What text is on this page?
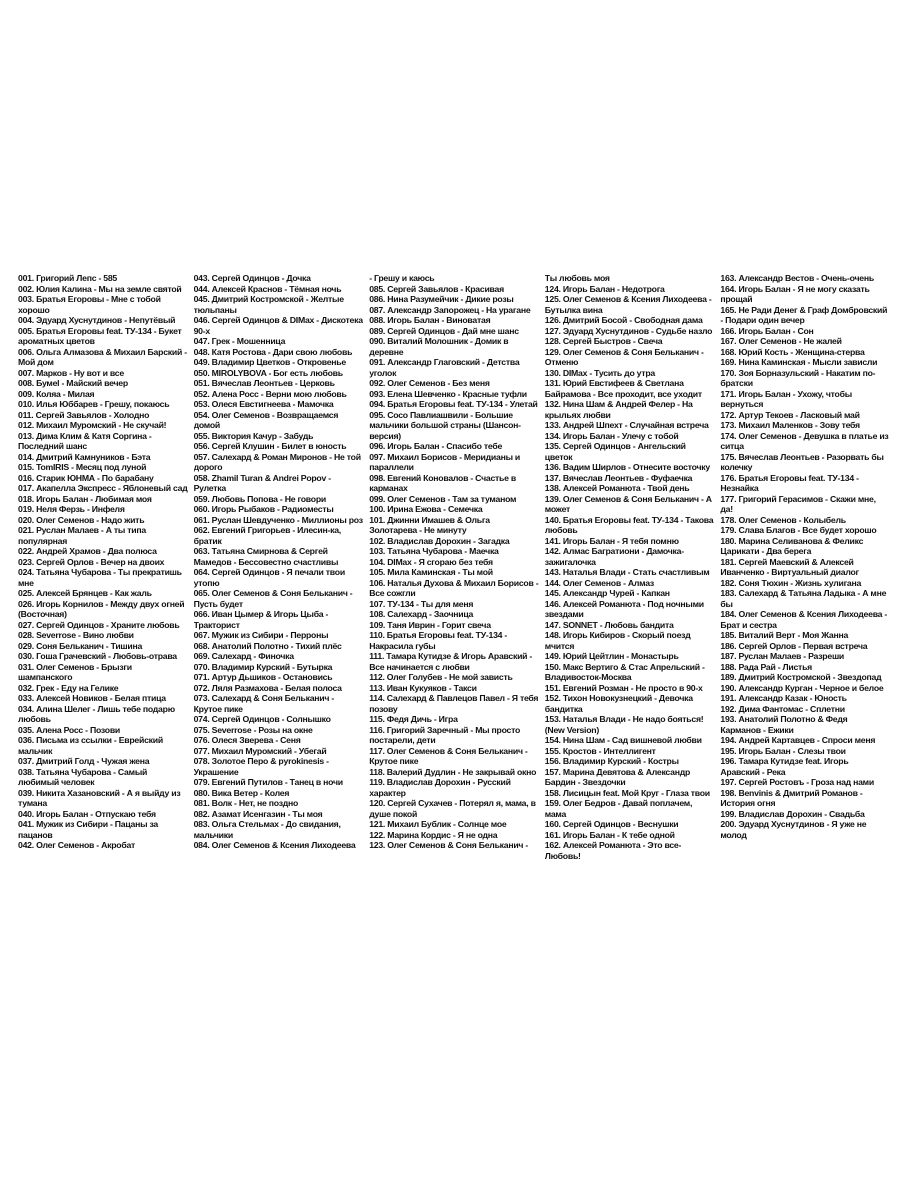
001. Григорий Лепс - 585

002. Юлия Калина - Мы на земле святой

003. Братья Егоровы - Мне с тобой хорошо

004. Эдуард Хуснутдинов - Непутёвый

005. Братья Егоровы feat. ТУ-134 - Букет ароматных цветов

006. Ольга Алмазова & Михаил Барский - Мой дом

007. Марков - Ну вот и все

008. Бумеl - Майский вечер

009. Коляа - Милая

010. Илья Юббарев - Грешу, покаюсь

011. Сергей Завьялов - Холодно

012. Михаил Муромский - Не скучай!

013. Дима Клим & Катя Соргина - Последний шанс

014. Дмитрий Камнуников - Бэта

015. TomIRIS - Месяц под луной

016. Старик ЮНМА - По барабану

017. Акапелла Экспресс - Яблоневый сад

018. Игорь Балан - Любимая моя

019. Неля Ферзь - Инфеля

020. Олег Семенов - Надо жить

021. Руслан Малаев - А ты типа популярная

022. Андрей Храмов - Два полюса

023. Сергей Орлов - Вечер на двоих

024. Татьяна Чубарова - Ты прекратишь мне

025. Алексей Брянцев - Как жаль

026. Игорь Корнилов - Между двух огней (Восточная)

027. Сергей Одинцов - Храните любовь

028. Severrose - Вино любви

029. Соня Бельканич - Тишина

030. Гоша Грачевский - Любовь-отрава

031. Олег Семенов - Брызги шампанского

032. Грек - Еду на Гелике

033. Алексей Новиков - Белая птица

034. Алина Шелег - Лишь тебе подарю любовь

035. Алена Росс - Позови

036. Письма из ссылки - Еврейский мальчик

037. Дмитрий Голд - Чужая жена

038. Татьяна Чубарова - Самый любимый человек

039. Никита Хазановский - А я выйду из тумана

040. Игорь Балан - Отпускаю тебя

041. Мужик из Сибири - Пацаны за пацанов

042. Олег Семенов - Акробат

043. Сергей Одинцов - Дочка

044. Алексей Краснов - Тёмная ночь

045. Дмитрий Костромской - Желтые тюльпаны

046. Сергей Одинцов & DIMax - Дискотека 90-х

047. Грек - Мошенница

048. Катя Ростова - Дари свою любовь

049. Владимир Цветков - Откровенье

050. MIROLYBOVA - Бог есть любовь

051. Вячеслав Леонтьев - Церковь

052. Алена Росс - Верни мою любовь

053. Олеся Евстигнеева - Мамочка

054. Олег Семенов - Возвращаемся домой

055. Виктория Качур - Забудь

056. Сергей Клушин - Билет в юность

057. Салехард & Роман Миронов - Не той дорого

058. Zhamil Turan & Andrei Popov - Рулетка

059. Любовь Попова - Не говори

060. Игорь Рыбаков - Радиоместы

061. Руслан Шевдученко - Миллионы роз

062. Евгений Григорьев - Илесин-ка, братик

063. Татьяна Смирнова & Сергей Мамедов - Бессовестно счастливы

064. Сергей Одинцов - Я печали твои утопю

065. Олег Семенов & Соня Бельканич - Пусть будет

066. Иван Цымер & Игорь Цыба - Тракторист

067. Мужик из Сибири - Перроны

068. Анатолий Полотно - Тихий плёс

069. Салехард - Финочка

070. Владимир Курский - Бутырка

071. Артур Дьшиков - Остановись

072. Ляля Размахова - Белая полоса

073. Салехард & Соня Бельканич - Крутое пике

074. Сергей Одинцов - Солнышко

075. Severrose - Розы на окне

076. Олеся Зверева - Сеня

077. Михаил Муромский - Убегай

078. Золотое Перо & pyrokinesis - Украшение

079. Евгений Путилов - Танец в ночи

080. Вика Ветер - Колея

081. Волк - Нет, не поздно

082. Азамат Исенгазин - Ты моя

083. Ольга Стельмах - До свидания, мальчики

084. Олег Семенов & Ксения Лиходеева

- Грешу и каюсь

085. Сергей Завьялов - Красивая

086. Нина Разумейчик - Дикие розы

087. Александр Запорожец - На урагане

088. Игорь Балан - Виноватая

089. Сергей Одинцов - Дай мне шанс

090. Виталий Молошник - Домик в деревне

091. Александр Глаговский - Детства уголок

092. Олег Семенов - Без меня

093. Елена Шевченко - Красные туфли

094. Братья Егоровы feat. ТУ-134 - Улетай

095. Сосо Павлиашвили - Большие мальчики большой страны (Шансон-версия)

096. Игорь Балан - Спасибо тебе

097. Михаил Борисов - Меридианы и параллели

098. Евгений Коновалов - Счастье в карманах

099. Олег Семенов - Там за туманом

100. Ирина Ежова - Семечка

101. Джинни Имашев & Ольга Золотарева - Не минуту

102. Владислав Дорохин - Загадка

103. Татьяна Чубарова - Маечка

104. DIMax - Я сгораю без тебя

105. Мила Каминская - Ты мой

106. Наталья Духова & Михаил Борисов - Все сожгли

107. ТУ-134 - Ты для меня

108. Салехард - Заочница

109. Таня Иврин - Горит свеча

110. Братья Егоровы feat. ТУ-134 - Накрасила губы

111. Тамара Кутидзе & Игорь Аравский - Все начинается с любви

112. Олег Голубев - Не мой зависть

113. Иван Кукуяков - Такси

114. Салехард & Павлецов Павел - Я тебя позову

115. Федя Дичь - Игра

116. Григорий Заречный - Мы просто постарели, дети

117. Олег Семенов & Соня Бельканич - Крутое пике

118. Валерий Дудлин - Не закрывай окно

119. Владислав Дорохин - Русский характер

120. Сергей Сухачев - Потерял я, мама, в душе покой

121. Михаил Бублик - Солнце мое

122. Марина Кордис - Я не одна

123. Олег Семенов & Соня Бельканич -

Ты любовь моя

124. Игорь Балан - Недотрога

125. Олег Семенов & Ксения Лиходеева - Бутылка вина

126. Дмитрий Босой - Свободная дама

127. Эдуард Хуснутдинов - Судьбе назло

128. Сергей Быстров - Свеча

129. Олег Семенов & Соня Бельканич - Отменю

130. DIMax - Тусить до утра

131. Юрий Евстифеев & Светлана Байрамова - Все проходит, все уходит

132. Нина Шам & Андрей Фелер - На крыльях любви

133. Андрей Шпехт - Случайная встреча

134. Игорь Балан - Улечу с тобой

135. Сергей Одинцов - Ангельский цветок

136. Вадим Ширлов - Отнесите восточку

137. Вячеслав Леонтьев - Фуфаечка

138. Алексей Романюта - Твой день

139. Олег Семенов & Соня Бельканич - А может

140. Братья Егоровы feat. ТУ-134 - Такова любовь

141. Игорь Балан - Я тебя помню

142. Алмас Багратиони - Дамочка-зажигалочка

143. Наталья Влади - Стать счастливым

144. Олег Семенов - Алмаз

145. Александр Чурей - Капкан

146. Алексей Романюта - Под ночными звездами

147. SONNET - Любовь бандита

148. Игорь Кибиров - Скорый поезд мчится

149. Юрий Цейтлин - Монастырь

150. Макс Вертиго & Стас Апрельский - Владивосток-Москва

151. Евгений Розман - Не просто в 90-х

152. Тихон Новокузнецкий - Девочка бандитка

153. Наталья Влади - Не надо бояться! (New Version)

154. Нина Шам - Сад вишневой любви

155. Кростов - Интеллигент

156. Владимир Курский - Костры

157. Марина Девятова & Александр Бардин - Звездочки

158. Лисицын feat. Мой Круг - Глаза твои

159. Олег Бедров - Давай поплачем, мама

160. Сергей Одинцов - Веснушки

161. Игорь Балан - К тебе одной

162. Алексей Романюта - Это все-Любовь!

163. Александр Вестов - Очень-очень

164. Игорь Балан - Я не могу сказать прощай

165. Не Ради Денег & Граф Домбровский - Подари один вечер

166. Игорь Балан - Сон

167. Олег Семенов - Не жалей

168. Юрий Кость - Женщина-стерва

169. Нина Каминская - Мысли зависли

170. Зоя Борназульский - Накатим по-братски

171. Игорь Балан - Ухожу, чтобы вернуться

172. Артур Текоев - Ласковый май

173. Михаил Маленков - Зову тебя

174. Олег Семенов - Девушка в платье из ситца

175. Вячеслав Леонтьев - Разорвать бы колечку

176. Братья Егоровы feat. ТУ-134 - Незнайка

177. Григорий Герасимов - Скажи мне, да!

178. Олег Семенов - Колыбель

179. Слава Благов - Все будет хорошо

180. Марина Селиванова & Феликс Царикати - Два берега

181. Сергей Маевский & Алексей Иванченко - Виртуальный диалог

182. Соня Тюхин - Жизнь хулигана

183. Салехард & Татьяна Ладыка - А мне бы

184. Олег Семенов & Ксения Лиходеева - Брат и сестра

185. Виталий Верт - Моя Жанна

186. Сергей Орлов - Первая встреча

187. Руслан Малаев - Разреши

188. Рада Рай - Листья

189. Дмитрий Костромской - Звездопад

190. Александр Курган - Черное и белое

191. Александр Казак - Юность

192. Дима Фантомас - Сплетни

193. Анатолий Полотно & Федя Карманов - Ежики

194. Андрей Картавцев - Спроси меня

195. Игорь Балан - Слезы твои

196. Тамара Кутидзе feat. Игорь Аравский - Река

197. Сергей Ростовъ - Гроза над нами

198. Benvinis & Дмитрий Романов - История огня

199. Владислав Дорохин - Свадьба

200. Эдуард Хуснутдинов - Я уже не молод
